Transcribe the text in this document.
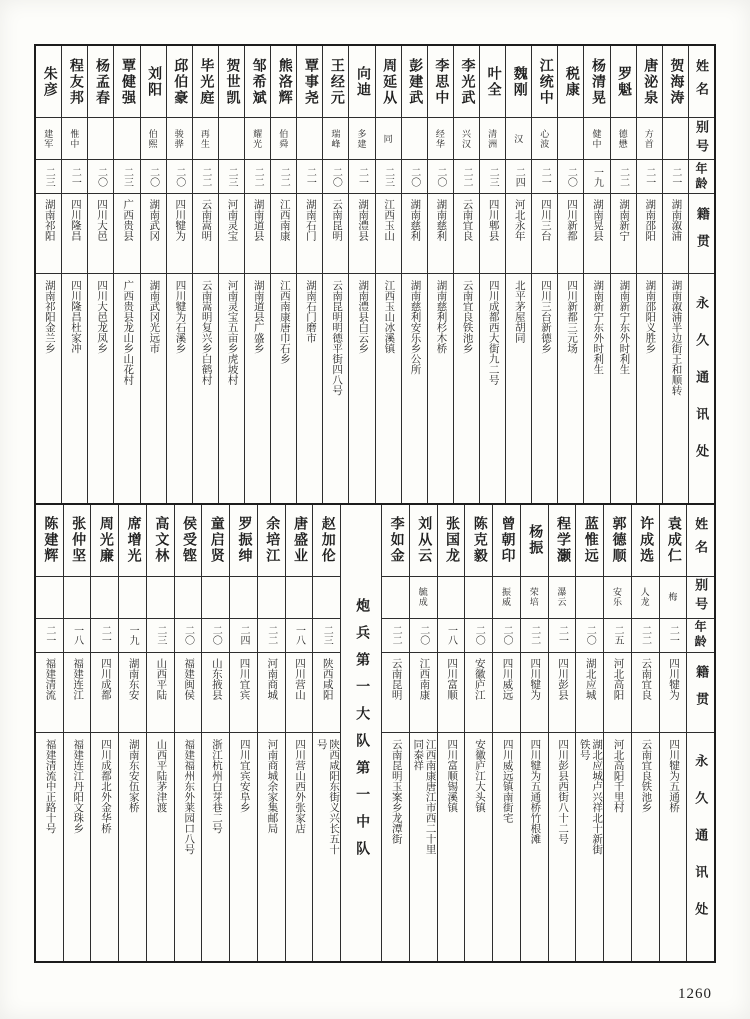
姓名
别号
年龄
籍贯
永久通讯处
贺海涛
二一
湖南溆浦
湖南溆浦半边街王和顺转
唐泌泉
方首
二一
湖南邵阳
湖南邵阳义胜乡
罗魁
德懋
二二
湖南新宁
湖南新宁东外时利生
杨清晃
健中
一九
湖南晃县
湖南新宁东外时利生
税康
二〇
四川新都
四川新都三元场
江统中
心波
二一
四川三台
四川三台新德乡
魏刚
汉
二四
河北永年
北平茅屋胡同
叶全
清洲
二三
四川郫县
四川成都西大街九二号
李光武
兴汉
二二
云南宜良
云南宜良铁池乡
李思中
经华
二〇
湖南慈利
湖南慈利杉木桥
彭建武
二〇
湖南慈利
湖南慈利安乐乡公所
周延从
同
二三
江西玉山
江西玉山冰溪镇
向迪
多建
二一
湖南澧县
湖南澧县白云乡
王经元
瑞峰
二〇
云南昆明
云南昆明明德平街四八号
覃事尧
二一
湖南石门
湖南石门磨市
熊洛辉
伯舜
二二
江西南康
江西南康唐巾石乡
邹希斌
耀光
二二
湖南道县
湖南道县广盛乡
贺世凯
二三
河南灵宝
河南灵宝五亩乡虎坡村
毕光庭
再生
二二
云南嵩明
云南嵩明复兴乡白鹤村
邱伯豪
骏骅
二〇
四川犍为
四川犍为石溪乡
刘阳
伯熙
二〇
湖南武冈
湖南武冈光远市
覃健强
二三
广西贵县
广西贵县龙山乡山花村
杨孟春
二〇
四川大邑
四川大邑龙凤乡
程友邦
惟中
二一
四川隆昌
四川隆昌杜家冲
朱彦
建军
二三
湖南祁阳
湖南祁阳金兰乡
姓名
别号
年龄
籍贯
永久通讯处
袁成仁
梅
二一
四川犍为
四川犍为五通桥
许成选
人龙
二二
云南宜良
云南宜良铁池乡
郭德顺
安乐
二五
河北高阳
河北高阳千里村
蓝惟远
二〇
湖北应城
湖北应城卢兴祥北十新街铁号
程学灏
瀑云
二一
四川彭县
四川彭县西街八十二号
杨振
荣培
二二
四川犍为
四川犍为五通桥竹根滩
曾朝印
振威
二〇
四川威远
四川威远镇南街宅
陈克毅
二〇
安徽庐江
安徽庐江大头镇
张国龙
一八
四川富顺
四川富顺锡溪镇
刘从云
毓成
二〇
江西南康
江西南康唐江市西二十里同泰祥
李如金
二二
云南昆明
云南昆明玉案乡龙潭街
炮兵第一大队第一中队
赵加伦
二三
陕西咸阳
陕西咸阳东街义兴长五十号
唐盛业
一八
四川营山
四川营山西外张家店
余培江
二二
河南商城
河南商城余家集邮局
罗振绅
二四
四川宜宾
四川宜宾安阜乡
童启贤
二〇
山东掖县
浙江杭州白芽巷二号
侯受铿
二〇
福建闽侯
福建福州东外莱园口八号
高文林
二三
山西平陆
山西平陆茅津渡
席增光
一九
湖南东安
湖南东安伍家桥
周光廉
二一
四川成都
四川成都北外金华桥
张仲坚
一八
福建连江
福建连江丹阳文珠乡
陈建辉
二一
福建清流
福建清流中正路十号
1260
